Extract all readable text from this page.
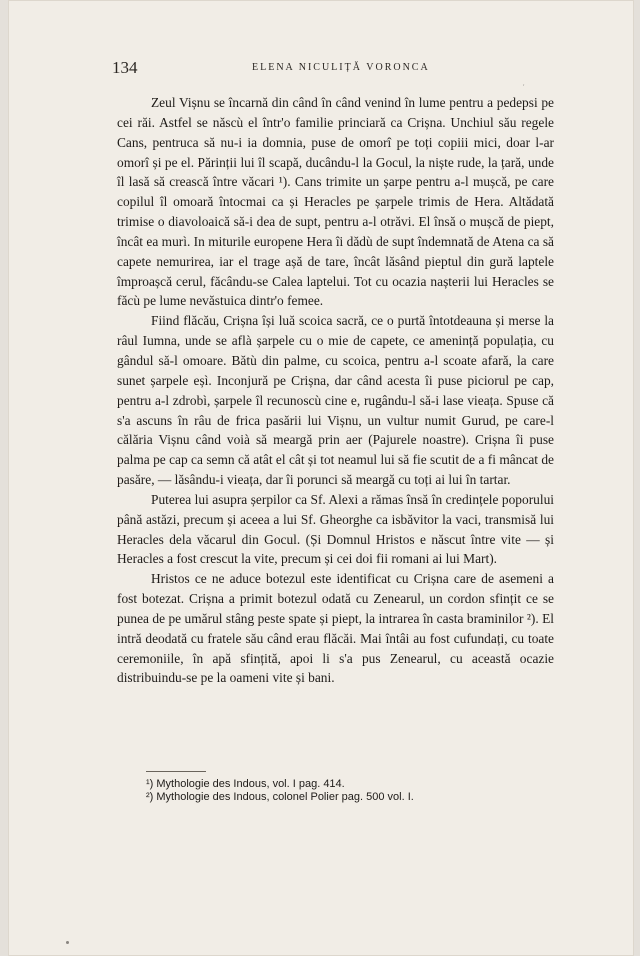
134	ELENA NICULIȚĂ VORONCA
′

Zeul Vișnu se încarnă din când în când venind în lume pentru a pedepsi pe cei răi. Astfel se născù el într'o familie princiară ca Crișna. Unchiul său regele Cans, pentruca să nu-i ia domnia, puse de omorî pe toți copiii mici, doar l-ar omorî și pe el. Părinții lui îl scapă, ducându-l la Gocul, la niște rude, la țară, unde îl lasă să crească între văcari ¹). Cans trimite un șarpe pentru a-l mușcă, pe care copilul îl omoară întocmai ca și Heracles pe șarpele trimis de Hera. Altădată trimise o diavoloaică să-i dea de supt, pentru a-l otrăvi. El însă o mușcă de piept, încât ea murì. In miturile europene Hera îi dădù de supt îndemnată de Atena ca să capete nemurirea, iar el trage așă de tare, încât lăsând pieptul din gură laptele împroașcă cerul, făcându-se Calea laptelui. Tot cu ocazia nașterii lui Heracles se făcù pe lume nevăstuica dintr'o femee.

Fiind flăcău, Crișna își luă scoica sacră, ce o purtă întotdeauna și merse la râul Iumna, unde se aflà șarpele cu o mie de capete, ce amenință populația, cu gândul să-l omoare. Bătù din palme, cu scoica, pentru a-l scoate afară, la care sunet șarpele eșì. Inconjură pe Crișna, dar când acesta îi puse piciorul pe cap, pentru a-l zdrobì, șarpele îl recunoscù cine e, rugându-l să-i lase vieața. Spuse că s'a ascuns în râu de frica pasării lui Vișnu, un vultur numit Gurud, pe care-l călăria Vișnu când voià să meargă prin aer (Pajurele noastre). Crișna îi puse palma pe cap ca semn că atât el cât și tot neamul lui să fie scutit de a fi mâncat de pasăre, — lăsându-i vieața, dar îi porunci să meargă cu toți ai lui în tartar.

Puterea lui asupra șerpilor ca Sf. Alexi a rămas însă în credințele poporului până astăzi, precum și aceea a lui Sf. Gheorghe ca isbăvitor la vaci, transmisă lui Heracles dela văcarul din Gocul. (Și Domnul Hristos e născut între vite — și Heracles a fost crescut la vite, precum și cei doi fii romani ai lui Mart).

Hristos ce ne aduce botezul este identificat cu Crișna care de asemeni a fost botezat. Crișna a primit botezul odată cu Zenearul, un cordon sfințit ce se punea de pe umărul stâng peste spate și piept, la intrarea în casta braminilor ²). El intră deodată cu fratele său când erau flăcăi. Mai întâi au fost cufundați, cu toate ceremoniile, în apă sfințită, apoi li s'a pus Zenearul, cu această ocazie distribuindu-se pe la oameni vite și bani.

¹) Mythologie des Indous, vol. I pag. 414.
²) Mythologie des Indous, colonel Polier pag. 500 vol. I.
